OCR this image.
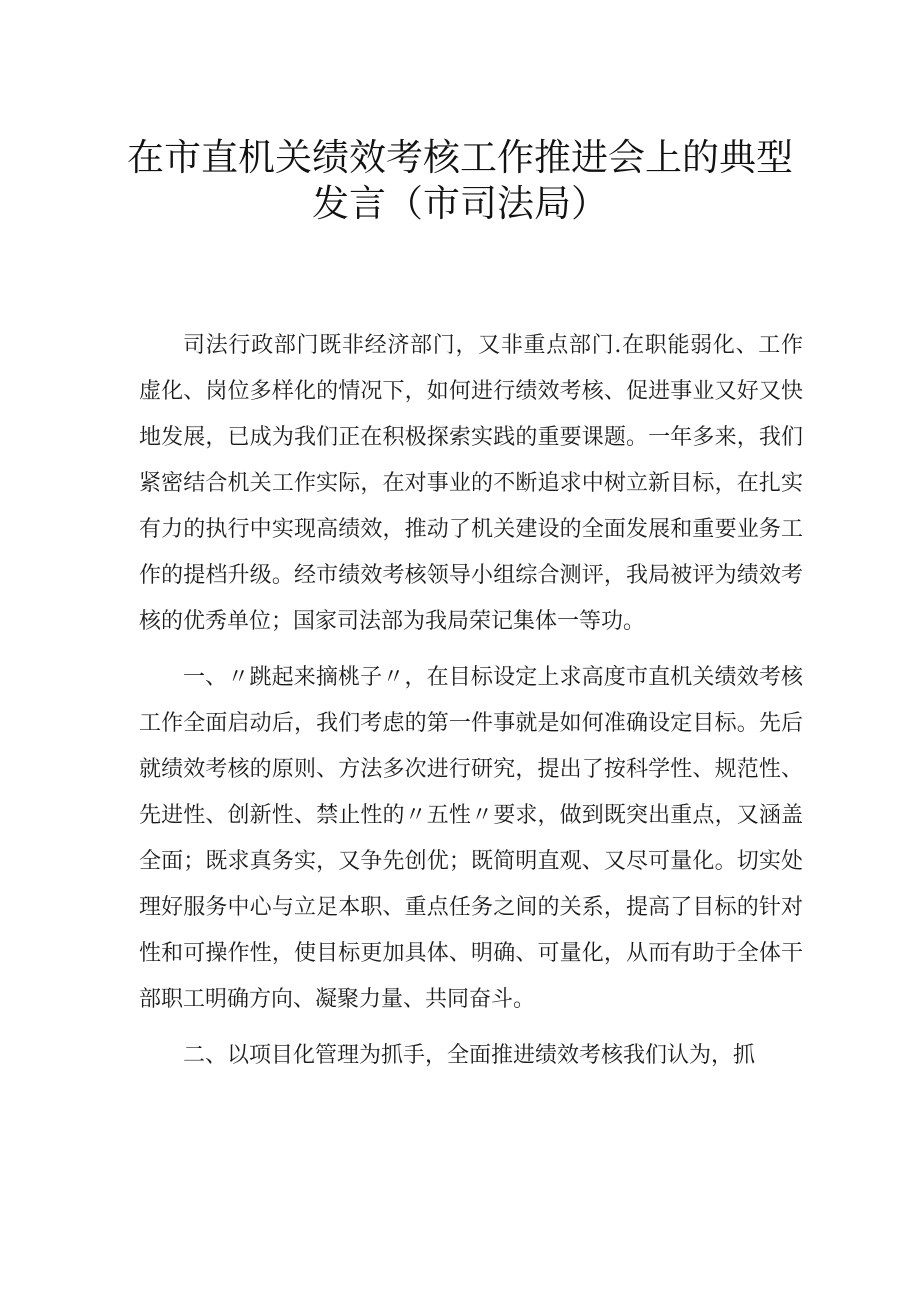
在市直机关绩效考核工作推进会上的典型
发言（市司法局）

司法行政部门既非经济部门，又非重点部门.在职能弱化、工作虚化、岗位多样化的情况下，如何进行绩效考核、促进事业又好又快地发展，已成为我们正在积极探索实践的重要课题。一年多来，我们紧密结合机关工作实际，在对事业的不断追求中树立新目标，在扎实有力的执行中实现高绩效，推动了机关建设的全面发展和重要业务工作的提档升级。经市绩效考核领导小组综合测评，我局被评为绩效考核的优秀单位；国家司法部为我局荣记集体一等功。

一、〃跳起来摘桃子〃，在目标设定上求高度市直机关绩效考核工作全面启动后，我们考虑的第一件事就是如何准确设定目标。先后就绩效考核的原则、方法多次进行研究，提出了按科学性、规范性、先进性、创新性、禁止性的〃五性〃要求，做到既突出重点，又涵盖全面；既求真务实，又争先创优；既简明直观、又尽可量化。切实处理好服务中心与立足本职、重点任务之间的关系，提高了目标的针对性和可操作性，使目标更加具体、明确、可量化，从而有助于全体干部职工明确方向、凝聚力量、共同奋斗。

二、以项目化管理为抓手，全面推进绩效考核我们认为，抓
